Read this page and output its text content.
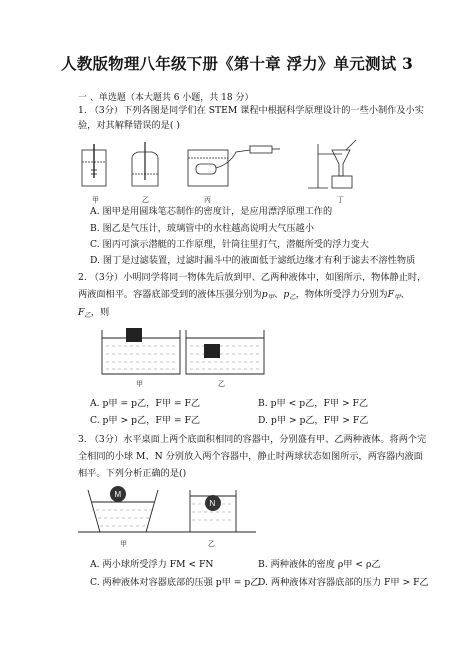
人教版物理八年级下册《第十章 浮力》单元测试 3
一 、单选题（本大题共 6 小题，共 18 分）
1. （3分）下列各图是同学们在 STEM 课程中根据科学原理设计的一些小制作及小实
验，对其解释错误的是( )
甲	乙	丙	丁
A. 图甲是用圆珠笔芯制作的密度计，是应用漂浮原理工作的
B. 图乙是气压计，玻璃管中的水柱越高说明大气压越小
C. 图丙可演示潜艇的工作原理，针筒往里打气，潜艇所受的浮力变大
D. 图丁是过滤装置，过滤时漏斗中的液面低于滤纸边缘才有利于滤去不溶性物质
2. （3分）小明同学将同一物体先后放到甲、乙两种液体中，如图所示，物体静止时，
两液面相平。容器底部受到的液体压强分别为$p_甲$、$p_乙$，物体所受浮力分别为$F_甲$、
$F_乙$，则
甲	乙
A. p甲 = p乙，F甲 = F乙	B. p甲 < p乙，F甲 > F乙
C. p甲 > p乙，F甲 = F乙	D. p甲 > p乙，F甲 > F乙
3. （3分）水平桌面上两个底面积相同的容器中，分别盛有甲、乙两种液体。将两个完
全相同的小球 M、N 分别放入两个容器中，静止时两球状态如图所示，两容器内液面
相平。下列分析正确的是()
M
N
甲	乙
A. 两小球所受浮力 FM < FN	B. 两种液体的密度 ρ甲 < ρ乙
C. 两种液体对容器底部的压强 p甲 = p乙
D. 两种液体对容器底部的压力 F甲 > F乙
